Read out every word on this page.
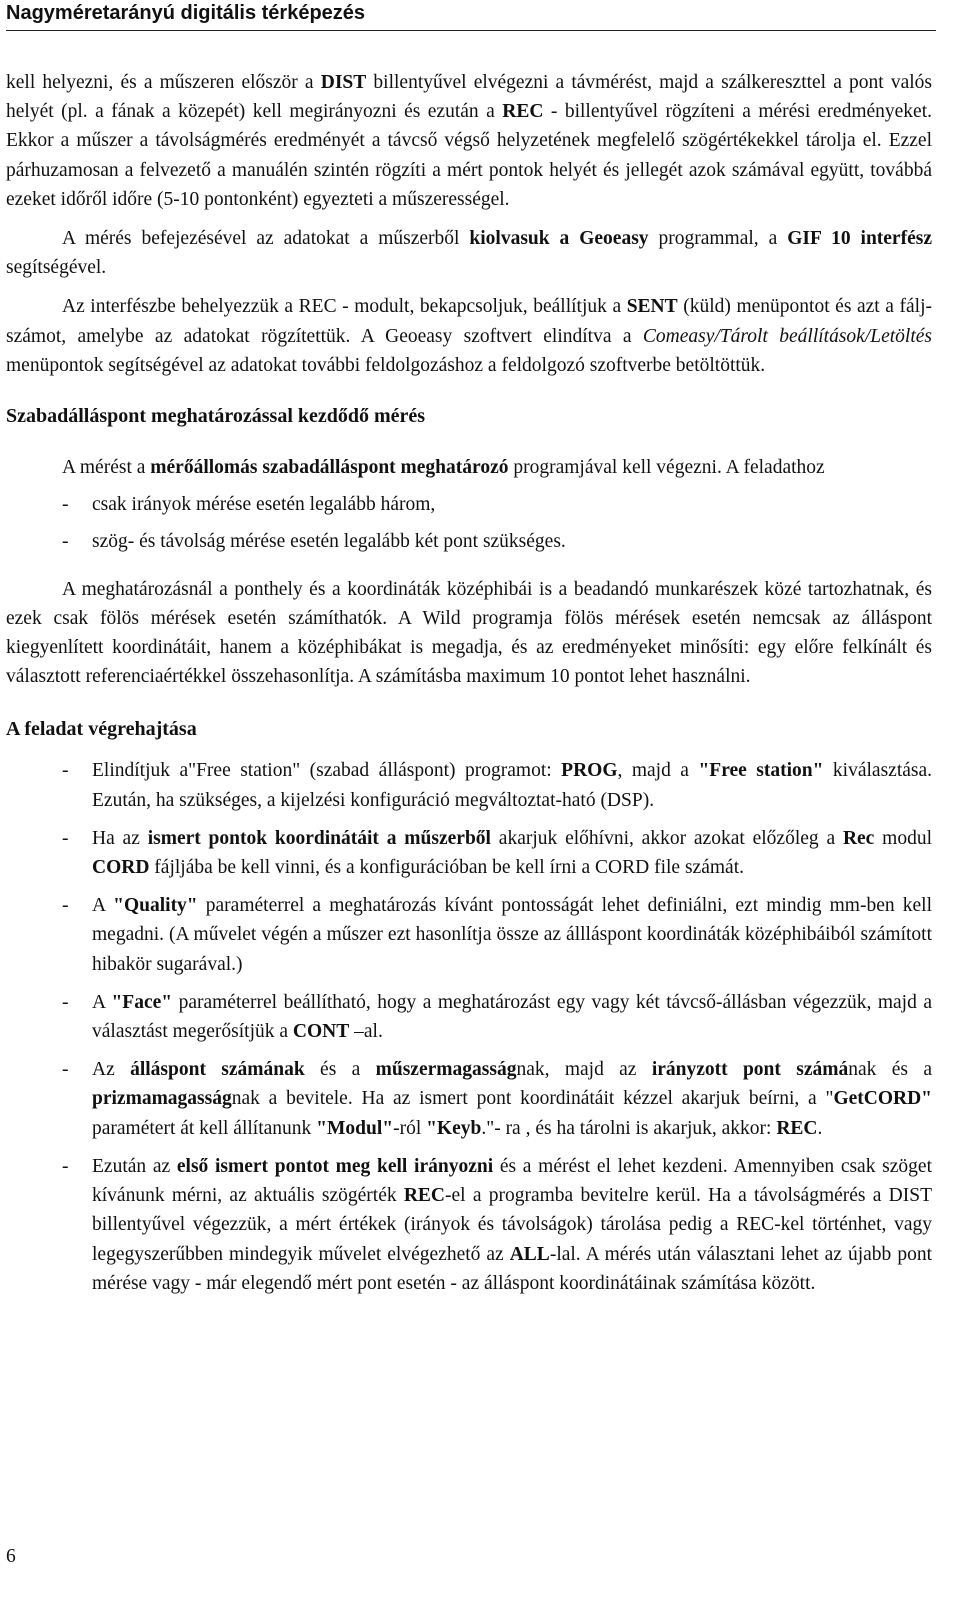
Nagyméretarányú digitális térképezés

kell helyezni, és a műszeren először a DIST billentyűvel elvégezni a távmérést, majd a szálkereszttel a pont valós helyét (pl. a fának a közepét) kell megirányozni és ezután a REC - billentyűvel rögzíteni a mérési eredményeket. Ekkor a műszer a távolságmérés eredményét a távcső végső helyzetének megfelelő szögértékekkel tárolja el. Ezzel párhuzamosan a felvezető a manuálén szintén rögzíti a mért pontok helyét és jellegét azok számával együtt, továbbá ezeket időről időre (5-10 pontonként) egyezteti a műszerességel.

A mérés befejezésével az adatokat a műszerből kiolvasuk a Geoeasy programmal, a GIF 10 interfész segítségével.

Az interfészbe behelyezzük a REC - modult, bekapcsoljuk, beállítjuk a SENT (küld) menüpontot és azt a fálj-számot, amelybe az adatokat rögzítettük. A Geoeasy szoftvert elindítva a Comeasy/Tárolt beállítások/Letöltés menüpontok segítségével az adatokat további feldolgozáshoz a feldolgozó szoftverbe betöltöttük.

Szabadálláspont meghatározással kezdődő mérés

A mérést a mérőállomás szabadálláspont meghatározó programjával kell végezni. A feladathoz

- csak irányok mérése esetén legalább három,
- szög- és távolság mérése esetén legalább két pont szükséges.

A meghatározásnál a ponthely és a koordináták középhibái is a beadandó munkarészek közé tartozhatnak, és ezek csak fölös mérések esetén számíthatók. A Wild programja fölös mérések esetén nemcsak az álláspont kiegyenlített koordinátáit, hanem a középhibákat is megadja, és az eredményeket minősíti: egy előre felkínált és választott referenciaértékkel összehasonlítja. A számításba maximum 10 pontot lehet használni.

A feladat végrehajtása
- Elindítjuk a"Free station" (szabad álláspont) programot: PROG, majd a "Free station" kiválasztása. Ezután, ha szükséges, a kijelzési konfiguráció megváltoztat-ható (DSP).
- Ha az ismert pontok koordinátáit a műszerből akarjuk előhívni, akkor azokat előzőleg a Rec modul CORD fájljába be kell vinni, és a konfigurációban be kell írni a CORD file számát.
- A "Quality" paraméterrel a meghatározás kívánt pontosságát lehet definiálni, ezt mindig mm-ben kell megadni. (A művelet végén a műszer ezt hasonlítja össze az állláspont koordináták középhibáiból számított hibakör sugarával.)
- A "Face" paraméterrel beállítható, hogy a meghatározást egy vagy két távcső-állásban végezzük, majd a választást megerősítjük a CONT –al.
- Az álláspont számának és a műszermagasságnak, majd az irányzott pont számának és a prizmamagasságnak a bevitele. Ha az ismert pont koordinátáit kézzel akarjuk beírni, a "GetCORD" paramétert át kell állítanunk "Modul"-ról "Keyb."- ra , és ha tárolni is akarjuk, akkor: REC.
- Ezután az első ismert pontot meg kell irányozni és a mérést el lehet kezdeni. Amennyiben csak szöget kívánunk mérni, az aktuális szögérték REC-el a programba bevitelre kerül. Ha a távolságmérés a DIST billentyűvel végezzük, a mért értékek (irányok és távolságok) tárolása pedig a REC-kel történhet, vagy legegyszerűbben mindegyik művelet elvégezhető az ALL-lal. A mérés után választani lehet az újabb pont mérése vagy - már elegendő mért pont esetén - az álláspont koordinátáinak számítása között.
6
